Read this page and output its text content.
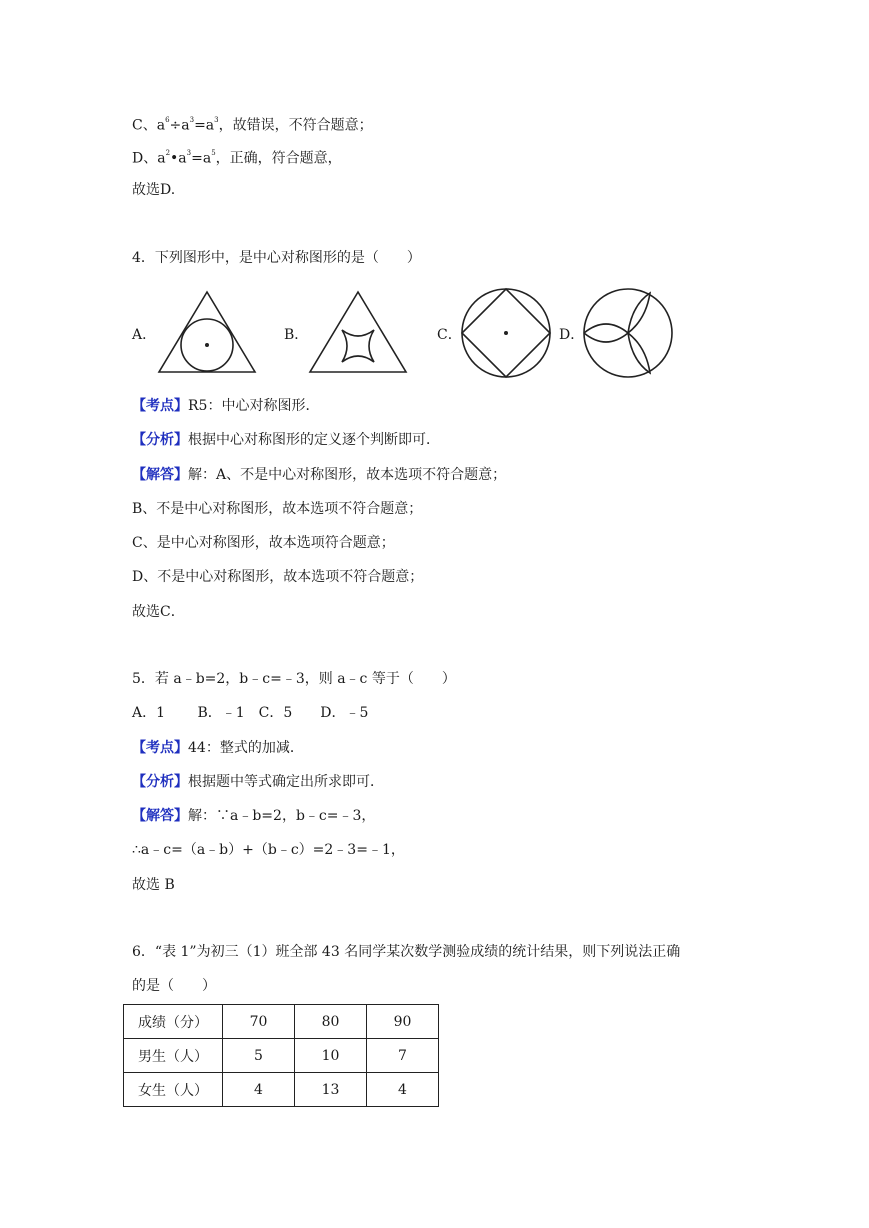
C、$a^6\div a^3=a^3$，故错误，不符合题意；
D、$a^2•a^3=a^5$，正确，符合题意，
故选D.
4．下列图形中，是中心对称图形的是（　　）
A．	B．	C．	D．
【考点】R5：中心对称图形．
【分析】根据中心对称图形的定义逐个判断即可．
【解答】解：A、不是中心对称图形，故本选项不符合题意；
B、不是中心对称图形，故本选项不符合题意；
C、是中心对称图形，故本选项符合题意；
D、不是中心对称图形，故本选项不符合题意；
故选C．
5．若 a﹣b=2，b﹣c=﹣3，则 a﹣c 等于（　　）
A．1　　 B．﹣1　C．5　　D．﹣5
【考点】44：整式的加减．
【分析】根据题中等式确定出所求即可．
【解答】解：∵a﹣b=2，b﹣c=﹣3，
∴a﹣c=（a﹣b）+（b﹣c）=2﹣3=﹣1，
故选 B
6．“表 1”为初三（1）班全部 43 名同学某次数学测验成绩的统计结果，则下列说法正确
的是（　　）
成绩（分）	70	80	90
男生（人）	5	10	7
女生（人）	4	13	4
